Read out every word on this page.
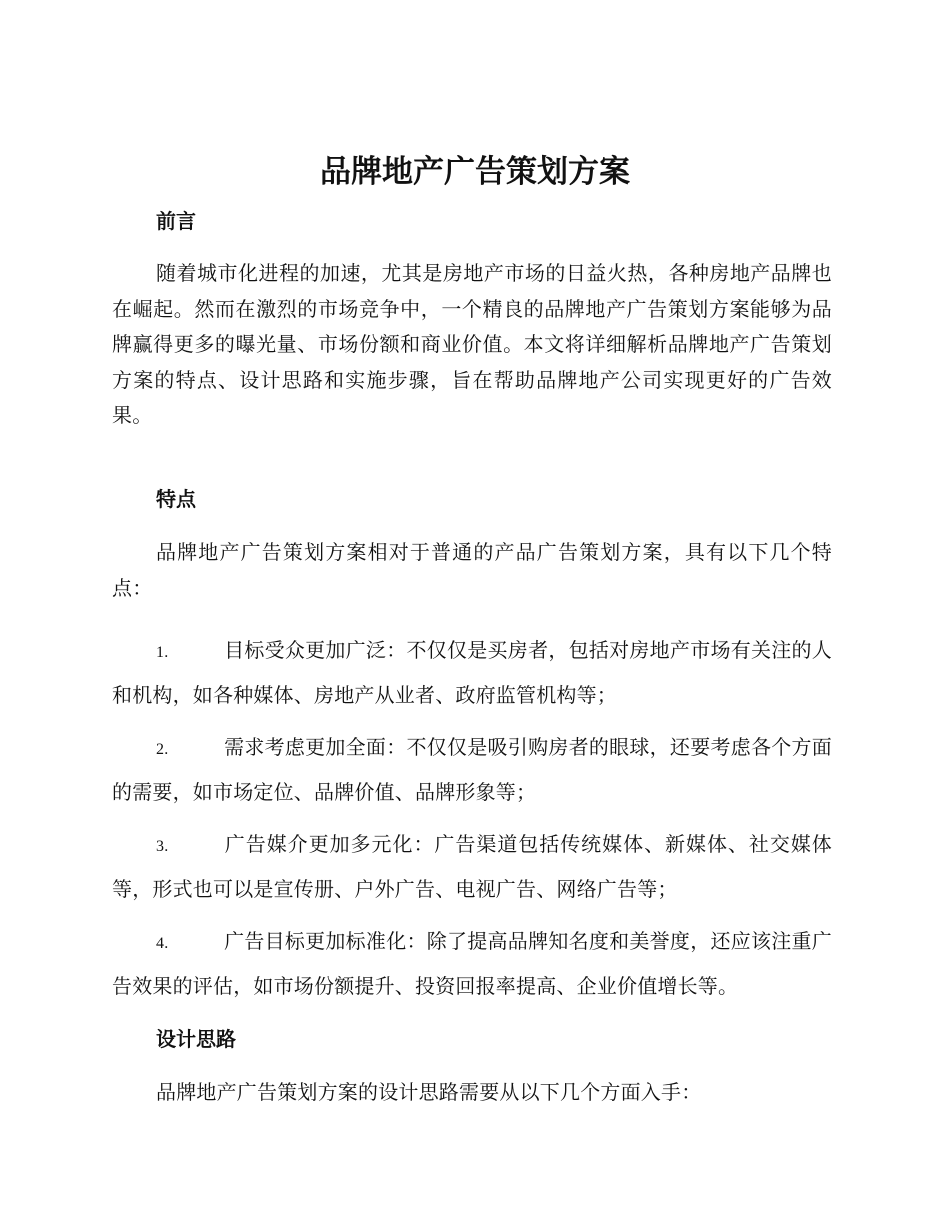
品牌地产广告策划方案
前言

随着城市化进程的加速，尤其是房地产市场的日益火热，各种房地产品牌也在崛起。然而在激烈的市场竞争中，一个精良的品牌地产广告策划方案能够为品牌赢得更多的曝光量、市场份额和商业价值。本文将详细解析品牌地产广告策划方案的特点、设计思路和实施步骤，旨在帮助品牌地产公司实现更好的广告效果。

特点

品牌地产广告策划方案相对于普通的产品广告策划方案，具有以下几个特点：

1.	目标受众更加广泛：不仅仅是买房者，包括对房地产市场有关注的人和机构，如各种媒体、房地产从业者、政府监管机构等；

2.	需求考虑更加全面：不仅仅是吸引购房者的眼球，还要考虑各个方面的需要，如市场定位、品牌价值、品牌形象等；

3.	广告媒介更加多元化：广告渠道包括传统媒体、新媒体、社交媒体等，形式也可以是宣传册、户外广告、电视广告、网络广告等；

4.	广告目标更加标准化：除了提高品牌知名度和美誉度，还应该注重广告效果的评估，如市场份额提升、投资回报率提高、企业价值增长等。

设计思路

品牌地产广告策划方案的设计思路需要从以下几个方面入手：
